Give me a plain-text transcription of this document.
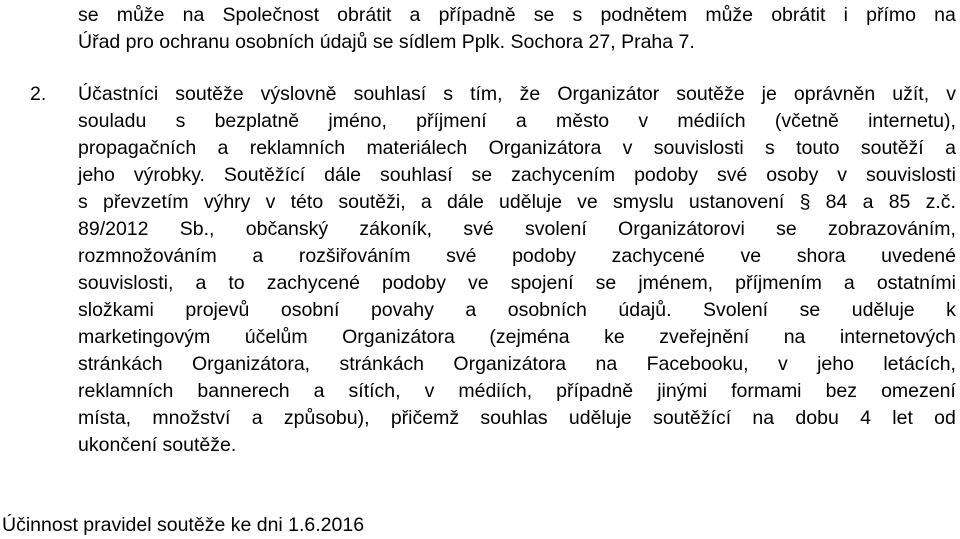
se může na Společnost obrátit a případně se s podnětem může obrátit i přímo na
Úřad pro ochranu osobních údajů se sídlem Pplk. Sochora 27, Praha 7.
2. Účastníci soutěže výslovně souhlasí s tím, že Organizátor soutěže je oprávněn užít, v
souladu s bezplatně jméno, příjmení a město v médiích (včetně internetu),
propagačních a reklamních materiálech Organizátora v souvislosti s touto soutěží a
jeho výrobky. Soutěžící dále souhlasí se zachycením podoby své osoby v souvislosti
s převzetím výhry v této soutěži, a dále uděluje ve smyslu ustanovení § 84 a 85 z.č.
89/2012 Sb., občanský zákoník, své svolení Organizátorovi se zobrazováním,
rozmnožováním a rozšiřováním své podoby zachycené ve shora uvedené
souvislosti, a to zachycené podoby ve spojení se jménem, příjmením a ostatními
složkami projevů osobní povahy a osobních údajů. Svolení se uděluje k
marketingovým účelům Organizátora (zejména ke zveřejnění na internetových
stránkách Organizátora, stránkách Organizátora na Facebooku, v jeho letácích,
reklamních bannerech a sítích, v médiích, případně jinými formami bez omezení
místa, množství a způsobu), přičemž souhlas uděluje soutěžící na dobu 4 let od
ukončení soutěže.
Účinnost pravidel soutěže ke dni 1.6.2016
